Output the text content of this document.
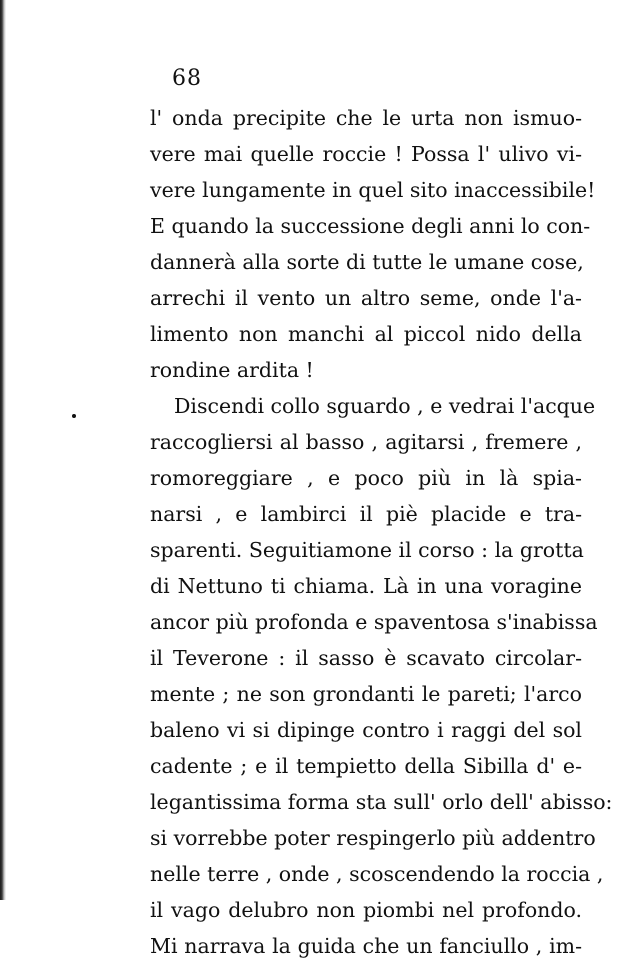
68
l' onda precipite che le urta non ismuo-
vere mai quelle roccie ! Possa l' ulivo vi-
vere lungamente in quel sito inaccessibile!
E quando la successione degli anni lo con-
dannerà alla sorte di tutte le umane cose,
arrechi il vento un altro seme, onde l'a-
limento non manchi al piccol nido della
rondine ardita !
Discendi collo sguardo , e vedrai l'acque
raccogliersi al basso , agitarsi , fremere ,
romoreggiare , e poco più in là spia-
narsi , e lambirci il piè placide e tra-
sparenti. Seguitiamone il corso : la grotta
di Nettuno ti chiama. Là in una voragine
ancor più profonda e spaventosa s'inabissa
il Teverone : il sasso è scavato circolar-
mente ; ne son grondanti le pareti; l'arco
baleno vi si dipinge contro i raggi del sol
cadente ; e il tempietto della Sibilla d' e-
legantissima forma sta sull' orlo dell' abisso:
si vorrebbe poter respingerlo più addentro
nelle terre , onde , scoscendendo la roccia ,
il vago delubro non piombi nel profondo.
Mi narrava la guida che un fanciullo , im-
